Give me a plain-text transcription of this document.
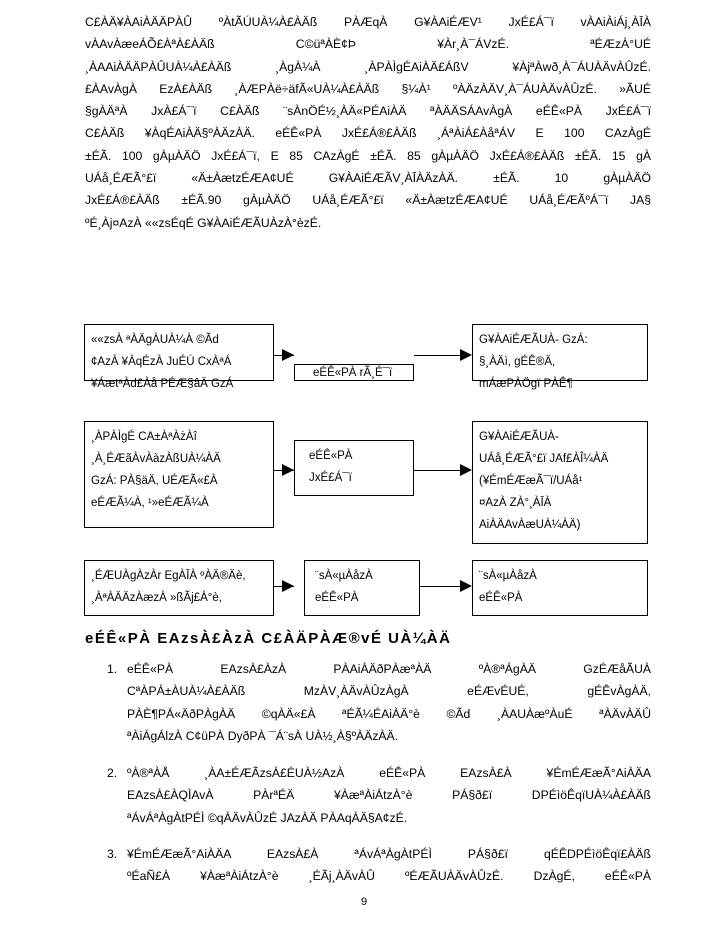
C£ÀÄ¥ÀAiÀÄÄPÀÛ ºÀtÃÚUÀ¼À£ÀÄß PÀÆqÀ G¥ÀAiÉÆV¹ JxÉ£Á¯ï vÀAiÀiÁj¸ÀĪÀ
vÀAvÀæeÁÕ£ÀªÀ£ÀÄß C©üªÀÈ¢Þ ¥Àr¸À¯ÁVzÉ. ªÉÆzÀ°UÉ
¸ÀAAiÀÄÄPÀÛUÀ¼À£ÀÄß ¸ÀgÀ¼À ¸ÀPÀÌgÉAiÀÄ£ÁßV ¥ÀjªÀwð¸À¯ÁUÀÄvÀÛzÉ.
£ÀAvÀgÀ EzÀ£ÀÄß ¸ÀÆPÀë÷äfÃ«UÀ¼À£ÀÄß §¼À¹ ºÀÄzÀÄV¸À¯ÁUÀÄvÀÛzÉ. »ÃUÉ
§gÀÄªÀ JxÀ£Á¯ï C£ÀÄß ¨sÀnÖÉ½¸ÀÄ«PÉAiÀÄ ªÀÄÄSÁAvÀgÀ eÉÊ«PÀ JxÉ£Á¯ï
C£ÀÄß ¥ÀqÉAiÀÄ§ºÀÄzÀÄ. eÉÊ«PÀ JxÉ£Á®£ÀÄß ¸ÁªÀiÁ£ÀåªÁV E 100 CAzÀgÉ
±ÉÃ. 100 gÀµÀÄÖ JxÉ£Á¯ï, E 85 CAzÀgÉ ±ÉÃ. 85 gÀµÀÄÖ JxÉ£Á®£ÀÄß ±ÉÃ. 15 gÀ
UÁå¸ÉÆÃ°£ï «Ä±ÀætzÉÆA¢UÉ G¥ÀAiÉÆÃV¸ÀĪÀÄzÀÄ. ±ÉÃ. 10 gÀµÀÄÖ
JxÉ£Á®£ÀÄß ±ÉÃ.90 gÀµÀÄÖ UÁå¸ÉÆÃ°£ï «Ä±ÀætzÉÆA¢UÉ UÁå¸ÉÆÃºÁ¯ï JA§
ºÉ¸Àj¤AzÀ ««zsÉqÉ G¥ÀAiÉÆÃUÀzÀ°èzÉ.
««zsÀ ªÀÄgÀUÀ¼À ©Ãd
¢AzÀ ¥ÀqÉzÀ JuÉÚ CxÀªÁ
¥ÁætªÀd£Àå PÉÆ§âÄ GzÁ
eÉÊ«PÀ rÃ¸É¯ï
G¥ÀAiÉÆÃUÀ- GzÁ:
§¸ÀÄì, gÉÊ®Ä,
mÁæPÀÖgï PÀÊ¶
¸ÀPÀÌgÉ CA±ÀªÀżÀî
¸À¸ÉÆãÀvÀàzÀßUÀ¼ÀÄ
GzÁ: PÀ§äÄ, UÉÆÃ«£À
eÉÆÃ¼À, ¹»eÉÆÃ¼À
eÉÊ«PÀ
JxÉ£Á¯ï
G¥ÀAiÉÆÃUÀ-
UÁå¸ÉÆÃ°£ï JAf£ÀÎ¼ÀÄ
(¥ÉmÉÆæÃ¯ï/UÁå¹
¤AzÀ ZÀ°¸ÀĪÀ
AiÀÄAvÀæUÀ¼ÀÄ)
¸ÉÆUÀgÀzÀr EgÀĪÀ ºÀÄ®Äè,
¸ÀªÀÄÄzÀæzÀ »ßÃj£À°è,
¨sÀ«µÀåzÀ
eÉÊ«PÀ
¨sÀ«µÀåzÀ
eÉÊ«PÀ
eÉÊ«PÀ EAzsÀ£ÀzÀ C£ÀÄPÀÆ®vÉ UÀ¼ÀÄ
1. eÉÊ«PÀ EAzsÀ£ÀzÀ PÀAiÀÄðPÀæªÀÄ ºÀ®ªÁgÀÄ GzÉÆåÃUÀ
CªÀPÁ±ÀUÀ¼À£ÀÄß MzÀV¸ÀÄvÀÛzÀgÀ eÉÆvÉUÉ, gÉÊvÀgÀÄ,
PÀÈ¶PÁ«ÄðPÀgÀÄ ©qÀÄ«£À ªÉÃ¼ÉAiÀÄ°è ©Ãd ¸ÀAUÀæºÀuÉ ªÀÄvÀÄÛ
ªÀiÁgÁlzÀ C¢üPÀ DyðPÀ ¯Á¨sÀ UÀ½¸À§ºÀÄzÀÄ.
2. ºÀ®ªÀÅ ¸ÀA±ÉÆÃzsÀ£ÉUÀ½AzÀ eÉÊ«PÀ EAzsÀ£À ¥ÉmÉÆæÃ°AiÀÄA
EAzsÀ£ÀQÌAvÀ PÀrªÉÄ ¥ÀæªÀiÁtzÀ°è PÁ§ð£ï DPÉìöÊqïUÀ¼À£ÀÄß
ªÁvÁªÀgÀtPÉÌ ©qÀÄvÀÛzÉ JAzÀÄ PÀAqÀÄ§A¢zÉ.
3. ¥ÉmÉÆæÃ°AiÀÄA EAzsÀ£À ªÁvÁªÀgÀtPÉÌ PÁ§ð£ï qÉÊDPÉìöÊqï£ÀÄß
ºÉaÑ£À ¥ÀæªÀiÁtzÀ°è ¸ÉÃj¸ÀÄvÀÛ ºÉÆÃUÀÄvÀÛzÉ. DzÀgÉ, eÉÊ«PÀ
9
